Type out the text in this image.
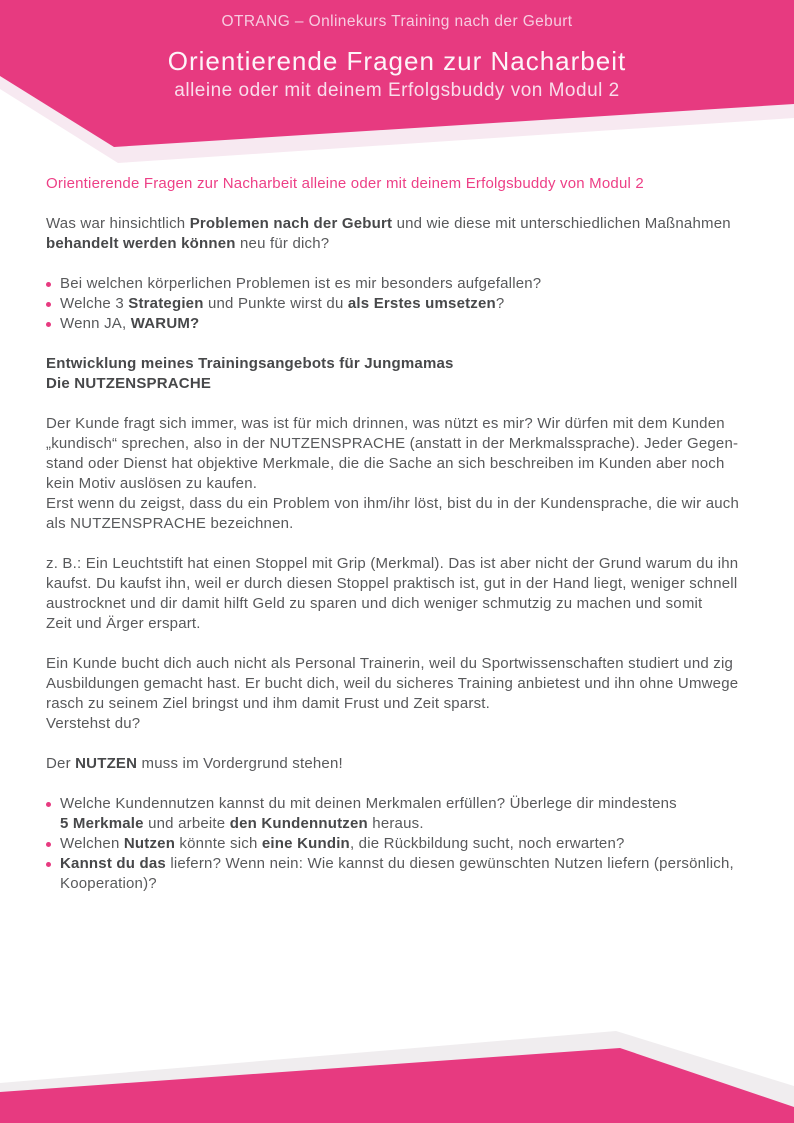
OTRANG – Onlinekurs Training nach der Geburt
Orientierende Fragen zur Nacharbeit
alleine oder mit deinem Erfolgsbuddy von Modul 2
Orientierende Fragen zur Nacharbeit alleine oder mit deinem Erfolgsbuddy von Modul 2
Was war hinsichtlich Problemen nach der Geburt und wie diese mit unterschiedlichen Maßnahmen
behandelt werden können neu für dich?
Bei welchen körperlichen Problemen ist es mir besonders aufgefallen?
Welche 3 Strategien und Punkte wirst du als Erstes umsetzen?
Wenn JA, WARUM?
Entwicklung meines Trainingsangebots für Jungmamas
Die NUTZENSPRACHE
Der Kunde fragt sich immer, was ist für mich drinnen, was nützt es mir? Wir dürfen mit dem Kunden
„kundisch“ sprechen, also in der NUTZENSPRACHE (anstatt in der Merkmalssprache). Jeder Gegen-
stand oder Dienst hat objektive Merkmale, die die Sache an sich beschreiben im Kunden aber noch
kein Motiv auslösen zu kaufen.
Erst wenn du zeigst, dass du ein Problem von ihm/ihr löst, bist du in der Kundensprache, die wir auch
als NUTZENSPRACHE bezeichnen.
z. B.: Ein Leuchtstift hat einen Stoppel mit Grip (Merkmal). Das ist aber nicht der Grund warum du ihn
kaufst. Du kaufst ihn, weil er durch diesen Stoppel praktisch ist, gut in der Hand liegt, weniger schnell
austrocknet und dir damit hilft Geld zu sparen und dich weniger schmutzig zu machen und somit
Zeit und Ärger erspart.
Ein Kunde bucht dich auch nicht als Personal Trainerin, weil du Sportwissenschaften studiert und zig
Ausbildungen gemacht hast. Er bucht dich, weil du sicheres Training anbietest und ihn ohne Umwege
rasch zu seinem Ziel bringst und ihm damit Frust und Zeit sparst.
Verstehst du?
Der NUTZEN muss im Vordergrund stehen!
Welche Kundennutzen kannst du mit deinen Merkmalen erfüllen? Überlege dir mindestens
5 Merkmale und arbeite den Kundennutzen heraus.
Welchen Nutzen könnte sich eine Kundin, die Rückbildung sucht, noch erwarten?
Kannst du das liefern? Wenn nein: Wie kannst du diesen gewünschten Nutzen liefern (persönlich,
Kooperation)?
